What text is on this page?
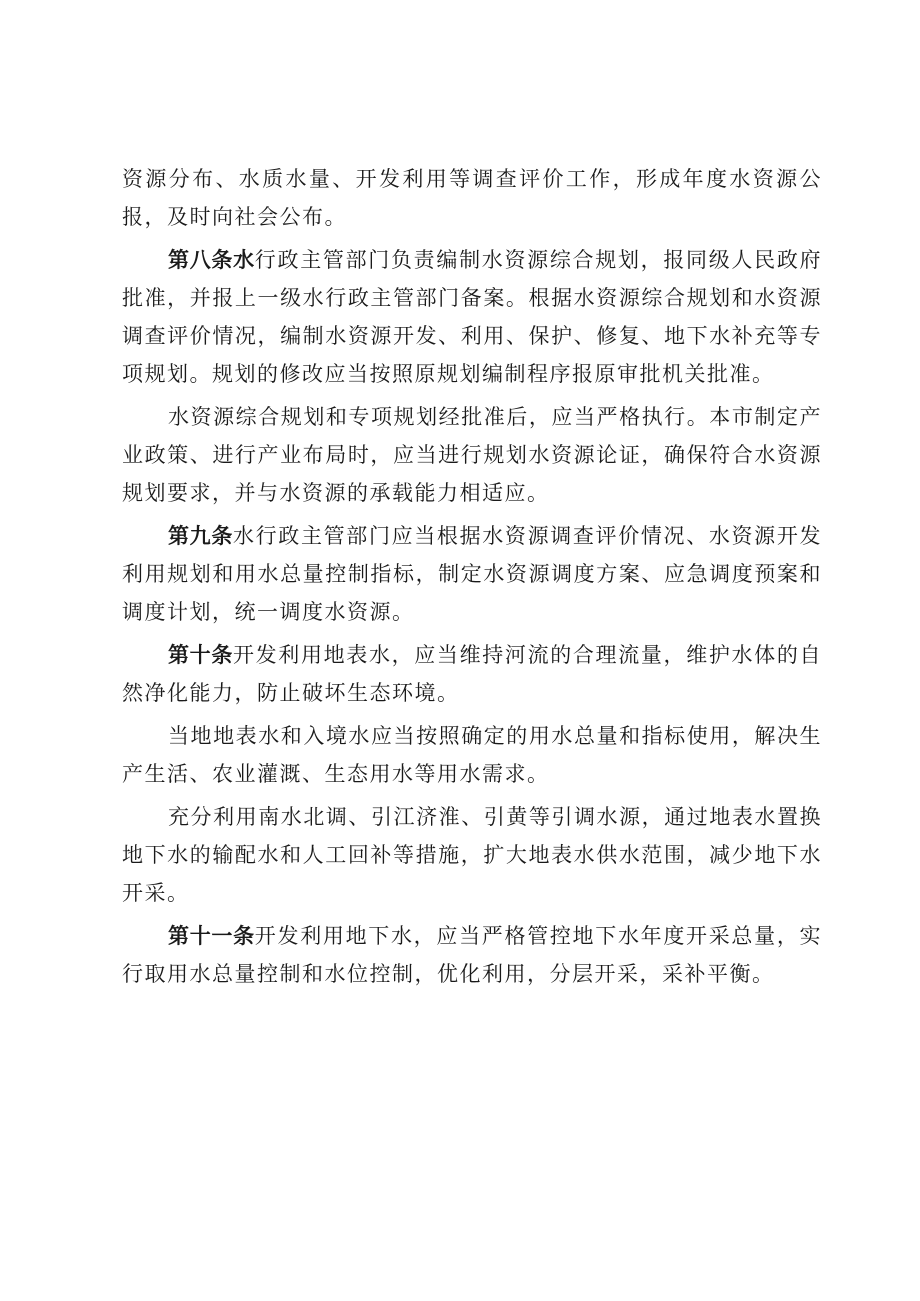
资源分布、水质水量、开发利用等调查评价工作，形成年度水资源公报，及时向社会公布。

第八条水行政主管部门负责编制水资源综合规划，报同级人民政府批准，并报上一级水行政主管部门备案。根据水资源综合规划和水资源调查评价情况，编制水资源开发、利用、保护、修复、地下水补充等专项规划。规划的修改应当按照原规划编制程序报原审批机关批准。

水资源综合规划和专项规划经批准后，应当严格执行。本市制定产业政策、进行产业布局时，应当进行规划水资源论证，确保符合水资源规划要求，并与水资源的承载能力相适应。

第九条水行政主管部门应当根据水资源调查评价情况、水资源开发利用规划和用水总量控制指标，制定水资源调度方案、应急调度预案和调度计划，统一调度水资源。

第十条开发利用地表水，应当维持河流的合理流量，维护水体的自然净化能力，防止破坏生态环境。

当地地表水和入境水应当按照确定的用水总量和指标使用，解决生产生活、农业灌溉、生态用水等用水需求。

充分利用南水北调、引江济淮、引黄等引调水源，通过地表水置换地下水的输配水和人工回补等措施，扩大地表水供水范围，减少地下水开采。

第十一条开发利用地下水，应当严格管控地下水年度开采总量，实行取用水总量控制和水位控制，优化利用，分层开采，采补平衡。
